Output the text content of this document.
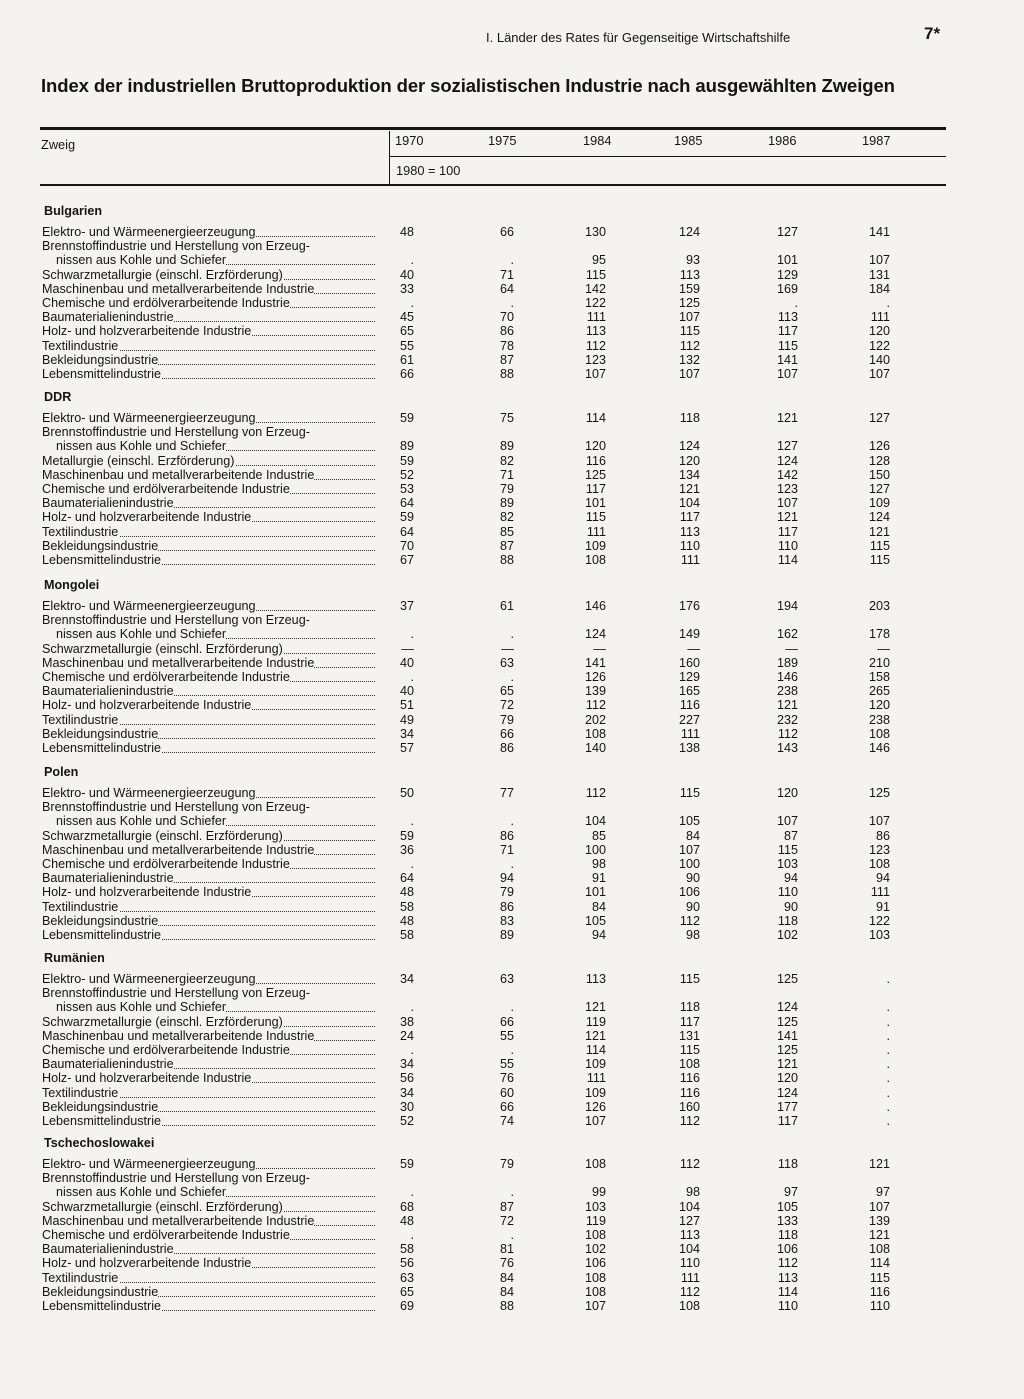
I. Länder des Rates für Gegenseitige Wirtschaftshilfe	7*
Index der industriellen Bruttoproduktion der sozialistischen Industrie nach ausgewählten Zweigen
Zweig
1980 = 100
Bulgarien
Elektro- und Wärmeenergieerzeugung	48	66	130	124	127	141
Brennstoffindustrie und Herstellung von Erzeug-
nissen aus Kohle und Schiefer	.	.	95	93	101	107
Schwarzmetallurgie (einschl. Erzförderung)	40	71	115	113	129	131
Maschinenbau und metallverarbeitende Industrie	33	64	142	159	169	184
Chemische und erdölverarbeitende Industrie	.	.	122	125	.	.
Baumaterialienindustrie	45	70	111	107	113	111
Holz- und holzverarbeitende Industrie	65	86	113	115	117	120
Textilindustrie	55	78	112	112	115	122
Bekleidungsindustrie	61	87	123	132	141	140
Lebensmittelindustrie	66	88	107	107	107	107
DDR
Elektro- und Wärmeenergieerzeugung	59	75	114	118	121	127
Brennstoffindustrie und Herstellung von Erzeug-
nissen aus Kohle und Schiefer	89	89	120	124	127	126
Metallurgie (einschl. Erzförderung)	59	82	116	120	124	128
Maschinenbau und metallverarbeitende Industrie	52	71	125	134	142	150
Chemische und erdölverarbeitende Industrie	53	79	117	121	123	127
Baumaterialienindustrie	64	89	101	104	107	109
Holz- und holzverarbeitende Industrie	59	82	115	117	121	124
Textilindustrie	64	85	111	113	117	121
Bekleidungsindustrie	70	87	109	110	110	115
Lebensmittelindustrie	67	88	108	111	114	115
Mongolei
Elektro- und Wärmeenergieerzeugung	37	61	146	176	194	203
Brennstoffindustrie und Herstellung von Erzeug-
nissen aus Kohle und Schiefer	.	.	124	149	162	178
Schwarzmetallurgie (einschl. Erzförderung)	—	—	—	—	—	—
Maschinenbau und metallverarbeitende Industrie	40	63	141	160	189	210
Chemische und erdölverarbeitende Industrie	.	.	126	129	146	158
Baumaterialienindustrie	40	65	139	165	238	265
Holz- und holzverarbeitende Industrie	51	72	112	116	121	120
Textilindustrie	49	79	202	227	232	238
Bekleidungsindustrie	34	66	108	111	112	108
Lebensmittelindustrie	57	86	140	138	143	146
Polen
Elektro- und Wärmeenergieerzeugung	50	77	112	115	120	125
Brennstoffindustrie und Herstellung von Erzeug-
nissen aus Kohle und Schiefer	.	.	104	105	107	107
Schwarzmetallurgie (einschl. Erzförderung)	59	86	85	84	87	86
Maschinenbau und metallverarbeitende Industrie	36	71	100	107	115	123
Chemische und erdölverarbeitende Industrie	.	.	98	100	103	108
Baumaterialienindustrie	64	94	91	90	94	94
Holz- und holzverarbeitende Industrie	48	79	101	106	110	111
Textilindustrie	58	86	84	90	90	91
Bekleidungsindustrie	48	83	105	112	118	122
Lebensmittelindustrie	58	89	94	98	102	103
Rumänien
Elektro- und Wärmeenergieerzeugung	34	63	113	115	125	.
Brennstoffindustrie und Herstellung von Erzeug-
nissen aus Kohle und Schiefer	.	.	121	118	124	.
Schwarzmetallurgie (einschl. Erzförderung)	38	66	119	117	125	.
Maschinenbau und metallverarbeitende Industrie	24	55	121	131	141	.
Chemische und erdölverarbeitende Industrie	.	.	114	115	125	.
Baumaterialienindustrie	34	55	109	108	121	.
Holz- und holzverarbeitende Industrie	56	76	111	116	120	.
Textilindustrie	34	60	109	116	124	.
Bekleidungsindustrie	30	66	126	160	177	.
Lebensmittelindustrie	52	74	107	112	117	.
Tschechoslowakei
Elektro- und Wärmeenergieerzeugung	59	79	108	112	118	121
Brennstoffindustrie und Herstellung von Erzeug-
nissen aus Kohle und Schiefer	.	.	99	98	97	97
Schwarzmetallurgie (einschl. Erzförderung)	68	87	103	104	105	107
Maschinenbau und metallverarbeitende Industrie	48	72	119	127	133	139
Chemische und erdölverarbeitende Industrie	.	.	108	113	118	121
Baumaterialienindustrie	58	81	102	104	106	108
Holz- und holzverarbeitende Industrie	56	76	106	110	112	114
Textilindustrie	63	84	108	111	113	115
Bekleidungsindustrie	65	84	108	112	114	116
Lebensmittelindustrie	69	88	107	108	110	110
1970	1975	1984	1985	1986	1987
